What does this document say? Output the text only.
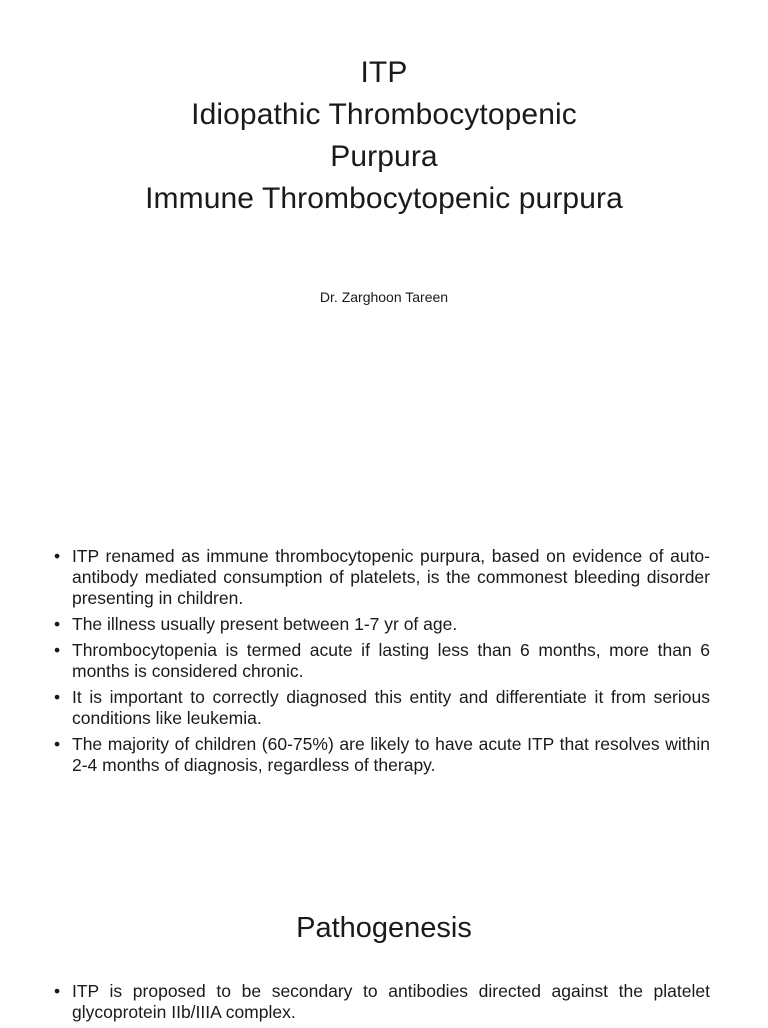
ITP
Idiopathic Thrombocytopenic
Purpura
Immune Thrombocytopenic purpura
Dr. Zarghoon Tareen
• ITP renamed as immune thrombocytopenic purpura, based on evidence of auto-antibody mediated consumption of platelets, is the commonest bleeding disorder presenting in children.
• The illness usually present between 1-7 yr of age.
• Thrombocytopenia is termed acute if lasting less than 6 months, more than 6 months is considered chronic.
• It is important to correctly diagnosed this entity and differentiate it from serious conditions like leukemia.
• The majority of children (60-75%) are likely to have acute ITP that resolves within 2-4 months of diagnosis, regardless of therapy.
Pathogenesis
• ITP is proposed to be secondary to antibodies directed against the platelet glycoprotein IIb/IIIA complex.
